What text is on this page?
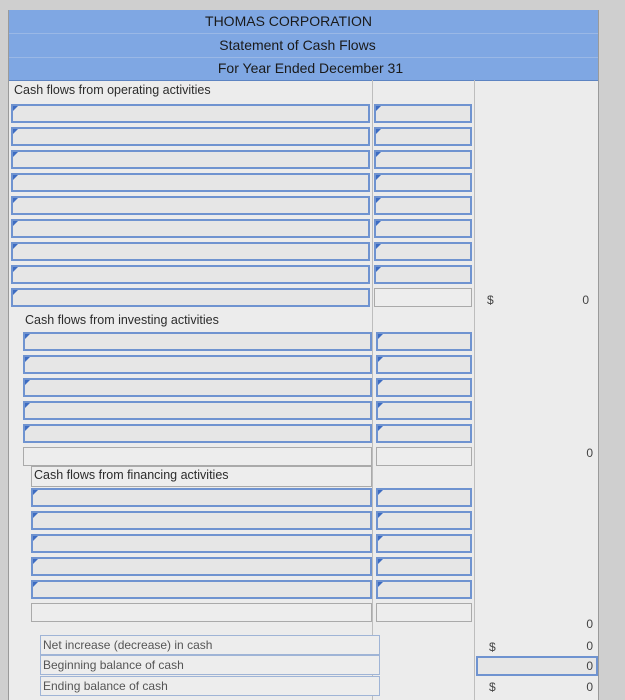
THOMAS CORPORATION
Statement of Cash Flows
For Year Ended December 31
Cash flows from operating activities
$	0
Cash flows from investing activities
0
Cash flows from financing activities
0
Net increase (decrease) in cash	$	0
Beginning balance of cash	0
Ending balance of cash	$	0
